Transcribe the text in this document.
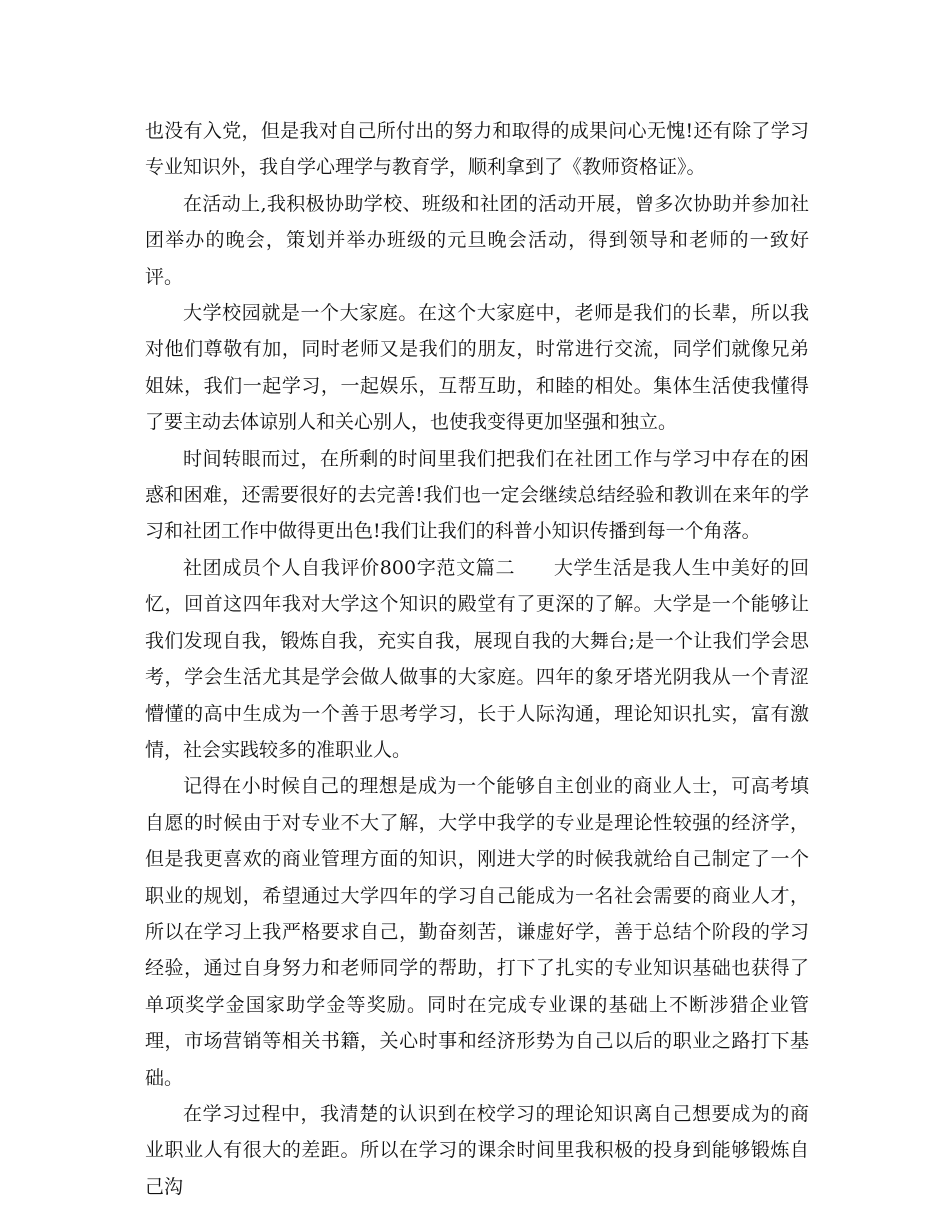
也没有入党，但是我对自己所付出的努力和取得的成果问心无愧!还有除了学习专业知识外，我自学心理学与教育学，顺利拿到了《教师资格证》。

在活动上,我积极协助学校、班级和社团的活动开展，曾多次协助并参加社团举办的晚会，策划并举办班级的元旦晚会活动，得到领导和老师的一致好评。

大学校园就是一个大家庭。在这个大家庭中，老师是我们的长辈，所以我对他们尊敬有加，同时老师又是我们的朋友，时常进行交流，同学们就像兄弟姐妹，我们一起学习，一起娱乐，互帮互助，和睦的相处。集体生活使我懂得了要主动去体谅别人和关心别人，也使我变得更加坚强和独立。

时间转眼而过，在所剩的时间里我们把我们在社团工作与学习中存在的困惑和困难，还需要很好的去完善!我们也一定会继续总结经验和教训在来年的学习和社团工作中做得更出色!我们让我们的科普小知识传播到每一个角落。

社团成员个人自我评价800字范文篇二 大学生活是我人生中美好的回忆，回首这四年我对大学这个知识的殿堂有了更深的了解。大学是一个能够让我们发现自我，锻炼自我，充实自我，展现自我的大舞台;是一个让我们学会思考，学会生活尤其是学会做人做事的大家庭。四年的象牙塔光阴我从一个青涩懵懂的高中生成为一个善于思考学习，长于人际沟通，理论知识扎实，富有激情，社会实践较多的准职业人。

记得在小时候自己的理想是成为一个能够自主创业的商业人士，可高考填自愿的时候由于对专业不大了解，大学中我学的专业是理论性较强的经济学，但是我更喜欢的商业管理方面的知识，刚进大学的时候我就给自己制定了一个职业的规划，希望通过大学四年的学习自己能成为一名社会需要的商业人才，所以在学习上我严格要求自己，勤奋刻苦，谦虚好学，善于总结个阶段的学习经验，通过自身努力和老师同学的帮助，打下了扎实的专业知识基础也获得了单项奖学金国家助学金等奖励。同时在完成专业课的基础上不断涉猎企业管理，市场营销等相关书籍，关心时事和经济形势为自己以后的职业之路打下基础。

在学习过程中，我清楚的认识到在校学习的理论知识离自己想要成为的商业职业人有很大的差距。所以在学习的课余时间里我积极的投身到能够锻炼自己沟
